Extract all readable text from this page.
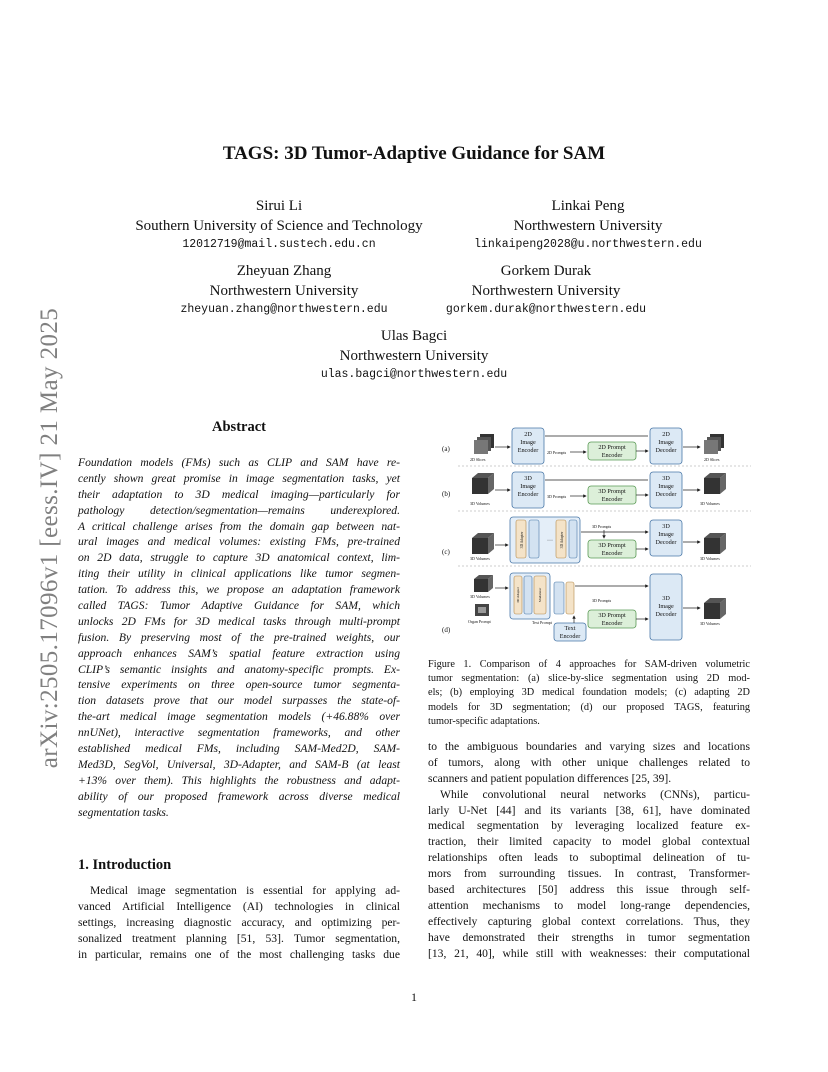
arXiv:2505.17096v1 [eess.IV] 21 May 2025
TAGS: 3D Tumor-Adaptive Guidance for SAM
Sirui Li
Southern University of Science and Technology
12012719@mail.sustech.edu.cn
Linkai Peng
Northwestern University
linkaipeng2028@u.northwestern.edu
Zheyuan Zhang
Northwestern University
zheyuan.zhang@northwestern.edu
Gorkem Durak
Northwestern University
gorkem.durak@northwestern.edu
Ulas Bagci
Northwestern University
ulas.bagci@northwestern.edu
Abstract
Foundation models (FMs) such as CLIP and SAM have re-
cently shown great promise in image segmentation tasks, yet
their adaptation to 3D medical imaging—particularly for
pathology detection/segmentation—remains underexplored.
A critical challenge arises from the domain gap between nat-
ural images and medical volumes: existing FMs, pre-trained
on 2D data, struggle to capture 3D anatomical context, lim-
iting their utility in clinical applications like tumor segmen-
tation. To address this, we propose an adaptation framework
called TAGS: Tumor Adaptive Guidance for SAM, which
unlocks 2D FMs for 3D medical tasks through multi-prompt
fusion. By preserving most of the pre-trained weights, our
approach enhances SAM’s spatial feature extraction using
CLIP’s semantic insights and anatomy-specific prompts. Ex-
tensive experiments on three open-source tumor segmenta-
tion datasets prove that our model surpasses the state-of-
the-art medical image segmentation models (+46.88% over
nnUNet), interactive segmentation frameworks, and other
established medical FMs, including SAM-Med2D, SAM-
Med3D, SegVol, Universal, 3D-Adapter, and SAM-B (at least
+13% over them). This highlights the robustness and adapt-
ability of our proposed framework across diverse medical
segmentation tasks.
1. Introduction
Medical image segmentation is essential for applying ad-
vanced Artificial Intelligence (AI) technologies in clinical
settings, increasing diagnostic accuracy, and optimizing per-
sonalized treatment planning [51, 53]. Tumor segmentation,
in particular, remains one of the most challenging tasks due
(a)
(b)
(c)
(d)
2D Slices
2D
Image
Encoder 2D Prompts
2D Prompt
Encoder
2D
Image
Decoder
2D Slices
3D Volumes
3D
Image
Encoder 3D Prompts
3D Prompt
Encoder
3D
Image
Decoder
3D Volumes
3D Volumes
3D Adapter	3D Adapter
···
3D Prompts
3D Prompt
Encoder
3D
Image
Decoder
3D Volumes
3D Volumes
Organ Prompt
3D Adapter	Modulator
Text Prompt
Text
Encoder
3D Prompts
3D Prompt
Encoder
3D
Image
Decoder
3D Volumes
Figure 1. Comparison of 4 approaches for SAM-driven volumetric
tumor segmentation: (a) slice-by-slice segmentation using 2D mod-
els; (b) employing 3D medical foundation models; (c) adapting 2D
models for 3D segmentation; (d) our proposed TAGS, featuring
tumor-specific adaptations.
to the ambiguous boundaries and varying sizes and locations
of tumors, along with other unique challenges related to
scanners and patient population differences [25, 39].
While convolutional neural networks (CNNs), particu-
larly U-Net [44] and its variants [38, 61], have dominated
medical segmentation by leveraging localized feature ex-
traction, their limited capacity to model global contextual
relationships often leads to suboptimal delineation of tu-
mors from surrounding tissues. In contrast, Transformer-
based architectures [50] address this issue through self-
attention mechanisms to model long-range dependencies,
effectively capturing global context correlations. Thus, they
have demonstrated their strengths in tumor segmentation
[13, 21, 40], while still with weaknesses: their computational
1
